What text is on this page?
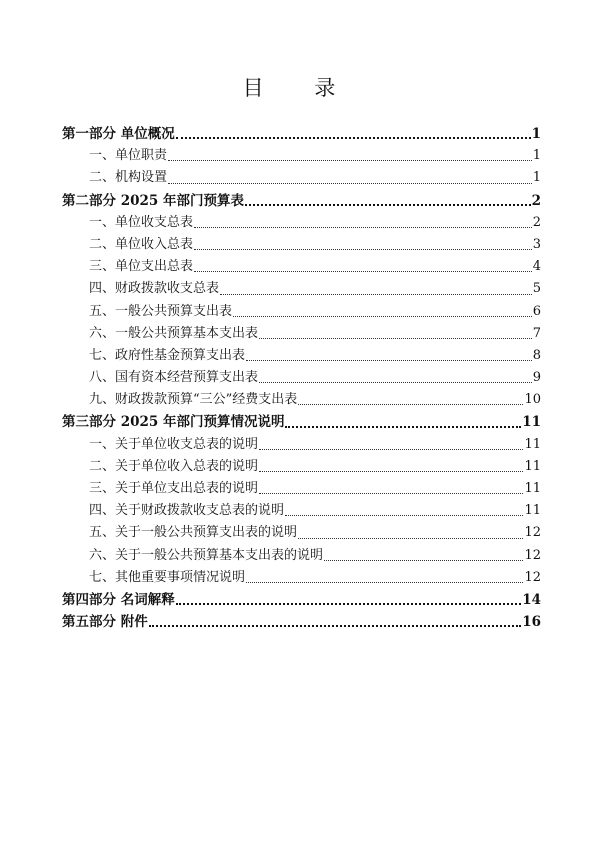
目 录
第一部分 单位概况	1
一、单位职责	1
二、机构设置	1
第二部分 2025 年部门预算表	2
一、单位收支总表	2
二、单位收入总表	3
三、单位支出总表	4
四、财政拨款收支总表	5
五、一般公共预算支出表	6
六、一般公共预算基本支出表	7
七、政府性基金预算支出表	8
八、国有资本经营预算支出表	9
九、财政拨款预算“三公”经费支出表	10
第三部分 2025 年部门预算情况说明	11
一、关于单位收支总表的说明	11
二、关于单位收入总表的说明	11
三、关于单位支出总表的说明	11
四、关于财政拨款收支总表的说明	11
五、关于一般公共预算支出表的说明	12
六、关于一般公共预算基本支出表的说明	12
七、其他重要事项情况说明	12
第四部分 名词解释	14
第五部分 附件	16
